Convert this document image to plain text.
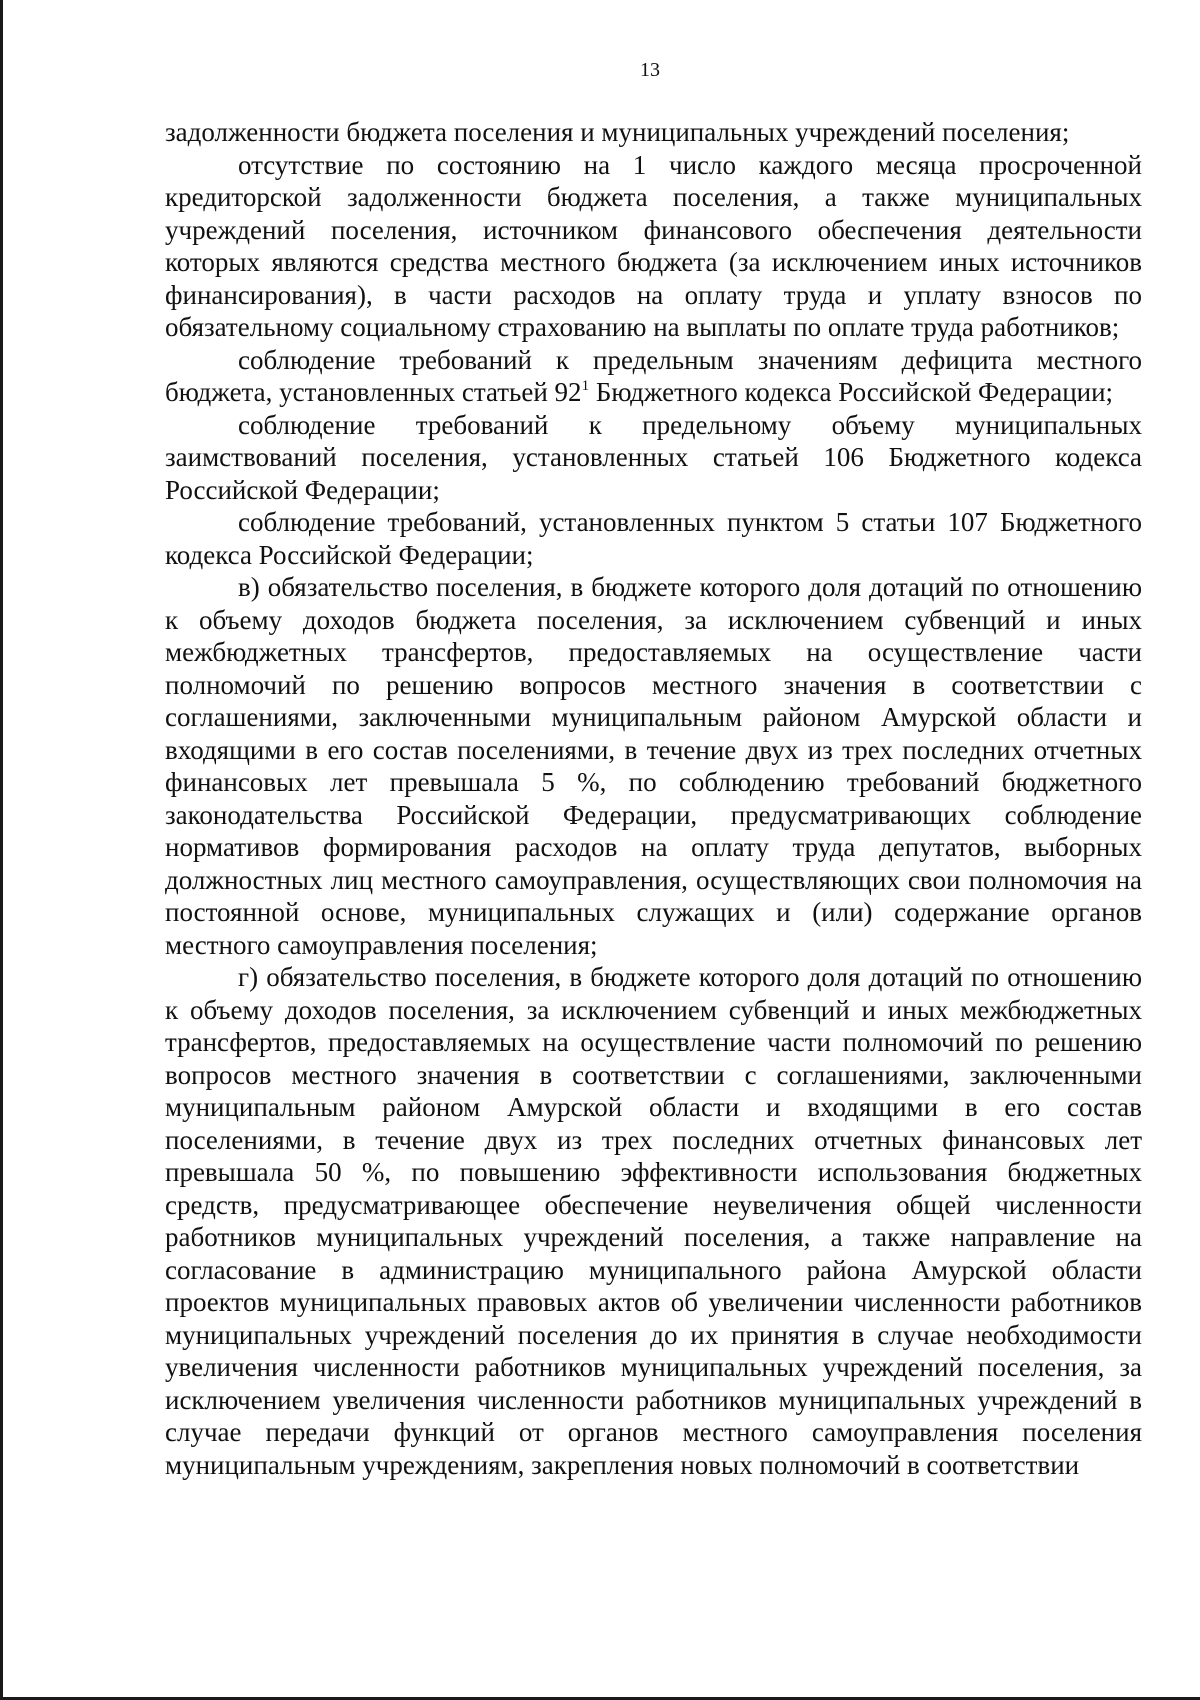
13

задолженности бюджета поселения и муниципальных учреждений поселения;

отсутствие по состоянию на 1 число каждого месяца просроченной кредиторской задолженности бюджета поселения, а также муниципальных учреждений поселения, источником финансового обеспечения деятельности которых являются средства местного бюджета (за исключением иных источников финансирования), в части расходов на оплату труда и уплату взносов по обязательному социальному страхованию на выплаты по оплате труда работников;

соблюдение требований к предельным значениям дефицита местного бюджета, установленных статьей $92^1$ Бюджетного кодекса Российской Федерации;

соблюдение требований к предельному объему муниципальных заимствований поселения, установленных статьей 106 Бюджетного кодекса Российской Федерации;

соблюдение требований, установленных пунктом 5 статьи 107 Бюджетного кодекса Российской Федерации;

в) обязательство поселения, в бюджете которого доля дотаций по отношению к объему доходов бюджета поселения, за исключением субвенций и иных межбюджетных трансфертов, предоставляемых на осуществление части полномочий по решению вопросов местного значения в соответствии с соглашениями, заключенными муниципальным районом Амурской области и входящими в его состав поселениями, в течение двух из трех последних отчетных финансовых лет превышала 5 %, по соблюдению требований бюджетного законодательства Российской Федерации, предусматривающих соблюдение нормативов формирования расходов на оплату труда депутатов, выборных должностных лиц местного самоуправления, осуществляющих свои полномочия на постоянной основе, муниципальных служащих и (или) содержание органов местного самоуправления поселения;

г) обязательство поселения, в бюджете которого доля дотаций по отношению к объему доходов поселения, за исключением субвенций и иных межбюджетных трансфертов, предоставляемых на осуществление части полномочий по решению вопросов местного значения в соответствии с соглашениями, заключенными муниципальным районом Амурской области и входящими в его состав поселениями, в течение двух из трех последних отчетных финансовых лет превышала 50 %, по повышению эффективности использования бюджетных средств, предусматривающее обеспечение неувеличения общей численности работников муниципальных учреждений поселения, а также направление на согласование в администрацию муниципального района Амурской области проектов муниципальных правовых актов об увеличении численности работников муниципальных учреждений поселения до их принятия в случае необходимости увеличения численности работников муниципальных учреждений поселения, за исключением увеличения численности работников муниципальных учреждений в случае передачи функций от органов местного самоуправления поселения муниципальным учреждениям, закрепления новых полномочий в соответствии
